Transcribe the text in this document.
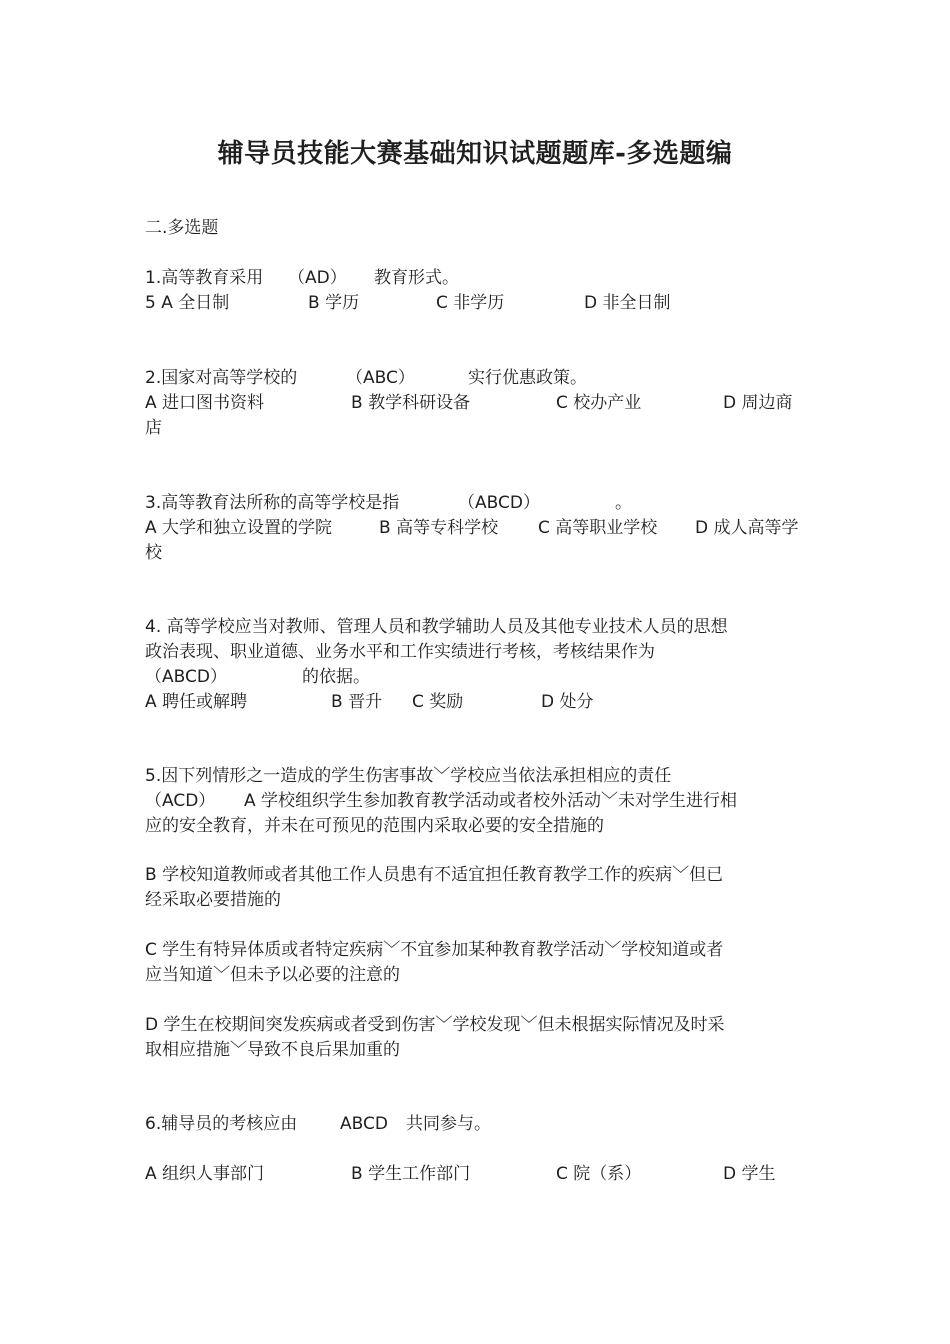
辅导员技能大赛基础知识试题题库-多选题编
二.多选题
1.高等教育采用 （AD） 教育形式。
5 A 全日制	B 学历	C 非学历	D 非全日制
2.国家对高等学校的	（ABC）	实行优惠政策。
A 进口图书资料	B 教学科研设备	C 校办产业	D 周边商
店
3.高等教育法所称的高等学校是指	（ABCD）	。
A 大学和独立设置的学院	B 高等专科学校 C 高等职业学校 D 成人高等学
校
4. 高等学校应当对教师、管理人员和教学辅助人员及其他专业技术人员的思想
政治表现、职业道德、业务水平和工作实绩进行考核，考核结果作为
（ABCD）	的依据。
A 聘任或解聘	B 晋升 C 奖励	D 处分
5.因下列情形之一造成的学生伤害事故﹀学校应当依法承担相应的责任
（ACD） A 学校组织学生参加教育教学活动或者校外活动﹀未对学生进行相
应的安全教育，并未在可预见的范围内采取必要的安全措施的
B 学校知道教师或者其他工作人员患有不适宜担任教育教学工作的疾病﹀但已
经采取必要措施的
C 学生有特异体质或者特定疾病﹀不宜参加某种教育教学活动﹀学校知道或者
应当知道﹀但未予以必要的注意的
D 学生在校期间突发疾病或者受到伤害﹀学校发现﹀但未根据实际情况及时采
取相应措施﹀导致不良后果加重的
6.辅导员的考核应由	ABCD 共同参与。
A 组织人事部门	B 学生工作部门	C 院（系）	D 学生
